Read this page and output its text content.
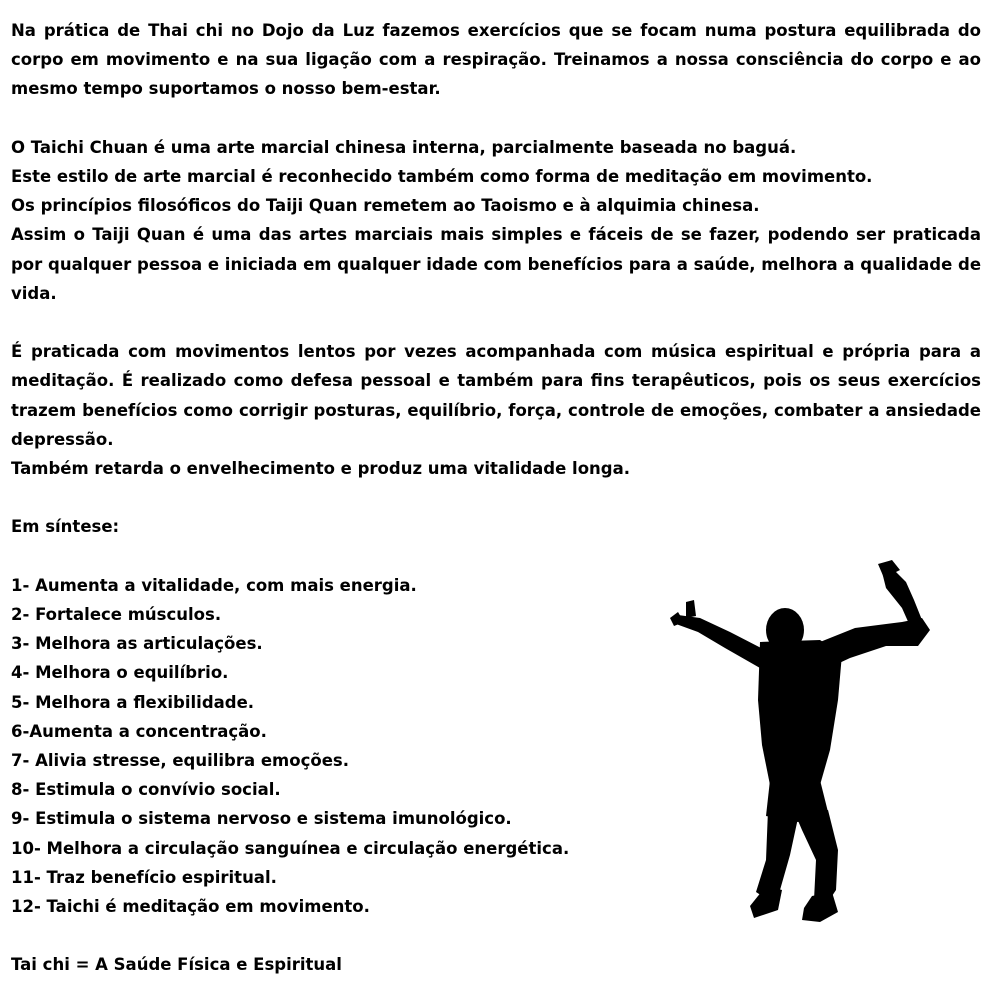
Na prática de Thai chi no Dojo da Luz fazemos exercícios que se focam numa postura equilibrada do corpo em movimento e na sua ligação com a respiração. Treinamos a nossa consciência do corpo e ao mesmo tempo suportamos o nosso bem-estar.

O Taichi Chuan é uma arte marcial chinesa interna, parcialmente baseada no baguá.

Este estilo de arte marcial é reconhecido também como forma de meditação em movimento.

Os princípios filosóficos do Taiji Quan remetem ao Taoismo e à alquimia chinesa.

Assim o Taiji Quan é uma das artes marciais mais simples e fáceis de se fazer, podendo ser praticada por qualquer pessoa e iniciada em qualquer idade com benefícios para a saúde, melhora a qualidade de vida.

É praticada com movimentos lentos por vezes acompanhada com música espiritual e própria para a meditação. É realizado como defesa pessoal e também para fins terapêuticos, pois os seus exercícios trazem benefícios como corrigir posturas, equilíbrio, força, controle de emoções, combater a ansiedade depressão.

Também retarda o envelhecimento e produz uma vitalidade longa.

Em síntese:

1- Aumenta a vitalidade, com mais energia.
2- Fortalece músculos.
3- Melhora as articulações.
4- Melhora o equilíbrio.
5- Melhora a flexibilidade.
6-Aumenta a concentração.
7- Alivia stresse, equilibra emoções.
8- Estimula o convívio social.
9- Estimula o sistema nervoso e sistema imunológico.
10- Melhora a circulação sanguínea e circulação energética.
11- Traz benefício espiritual.
12- Taichi é meditação em movimento.

Tai chi = A Saúde Física e Espiritual
